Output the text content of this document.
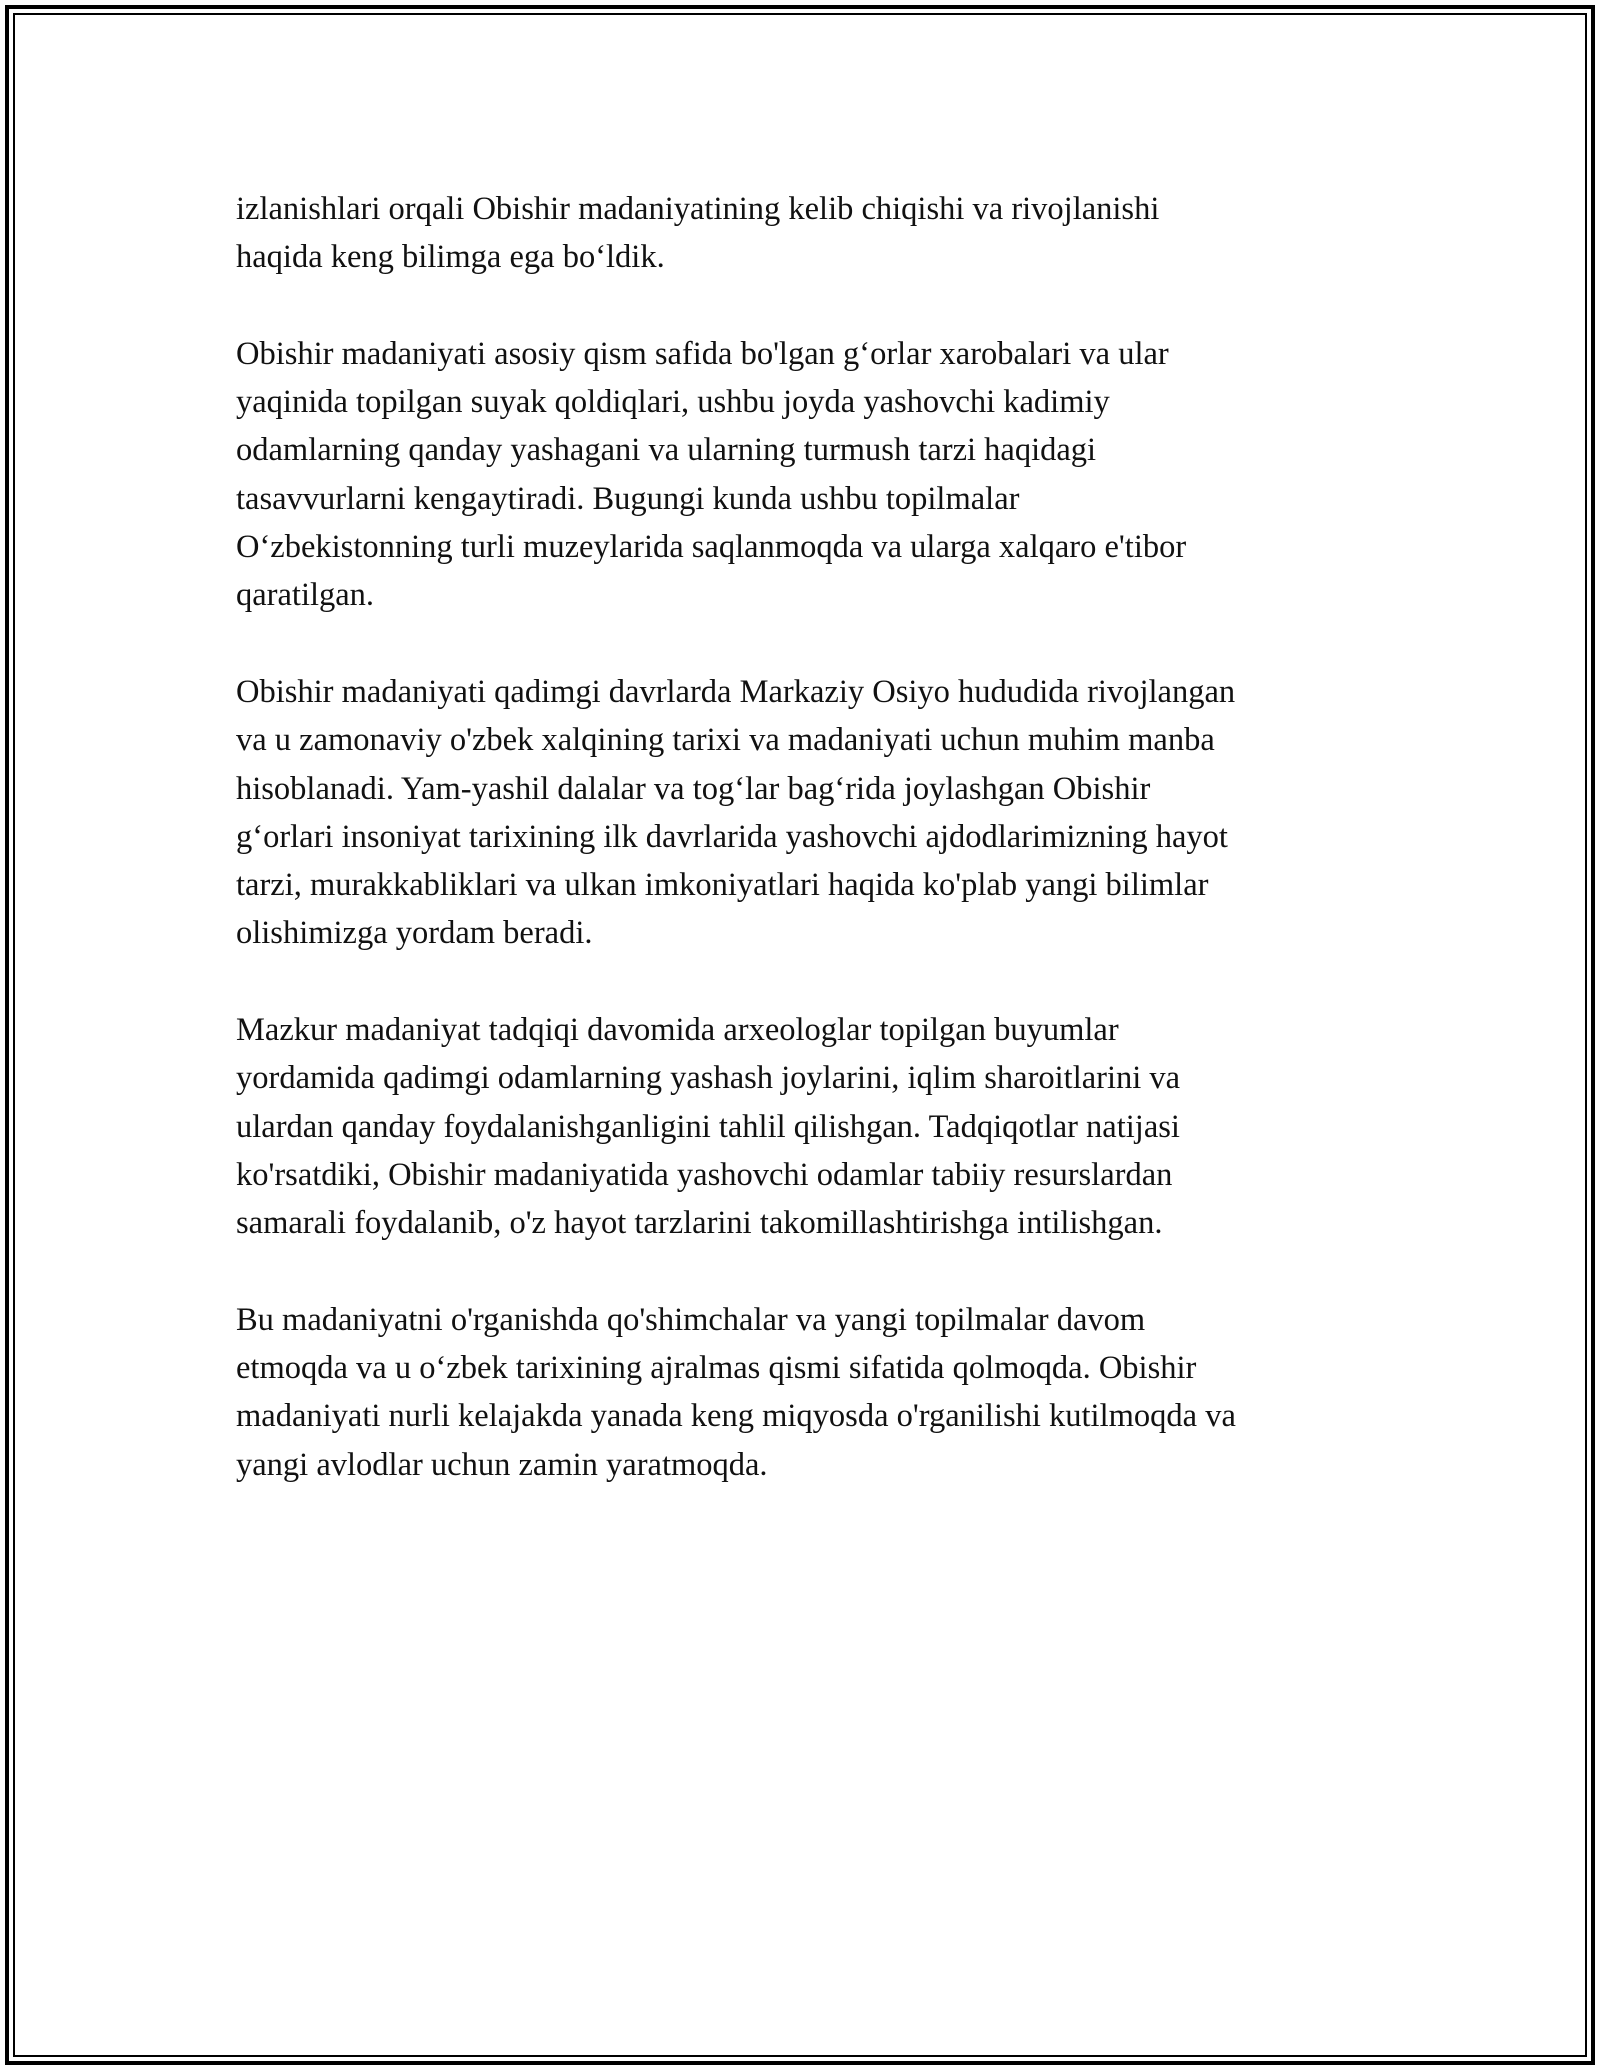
izlanishlari orqali Obishir madaniyatining kelib chiqishi va rivojlanishi
haqida keng bilimga ega bo‘ldik.

Obishir madaniyati asosiy qism safida bo'lgan g‘orlar xarobalari va ular
yaqinida topilgan suyak qoldiqlari, ushbu joyda yashovchi kadimiy
odamlarning qanday yashagani va ularning turmush tarzi haqidagi
tasavvurlarni kengaytiradi. Bugungi kunda ushbu topilmalar
O‘zbekistonning turli muzeylarida saqlanmoqda va ularga xalqaro e'tibor
qaratilgan.

Obishir madaniyati qadimgi davrlarda Markaziy Osiyo hududida rivojlangan
va u zamonaviy o'zbek xalqining tarixi va madaniyati uchun muhim manba
hisoblanadi. Yam-yashil dalalar va tog‘lar bag‘rida joylashgan Obishir
g‘orlari insoniyat tarixining ilk davrlarida yashovchi ajdodlarimizning hayot
tarzi, murakkabliklari va ulkan imkoniyatlari haqida ko'plab yangi bilimlar
olishimizga yordam beradi.

Mazkur madaniyat tadqiqi davomida arxeologlar topilgan buyumlar
yordamida qadimgi odamlarning yashash joylarini, iqlim sharoitlarini va
ulardan qanday foydalanishganligini tahlil qilishgan. Tadqiqotlar natijasi
ko'rsatdiki, Obishir madaniyatida yashovchi odamlar tabiiy resurslardan
samarali foydalanib, o'z hayot tarzlarini takomillashtirishga intilishgan.

Bu madaniyatni o'rganishda qo'shimchalar va yangi topilmalar davom
etmoqda va u o‘zbek tarixining ajralmas qismi sifatida qolmoqda. Obishir
madaniyati nurli kelajakda yanada keng miqyosda o'rganilishi kutilmoqda va
yangi avlodlar uchun zamin yaratmoqda.
